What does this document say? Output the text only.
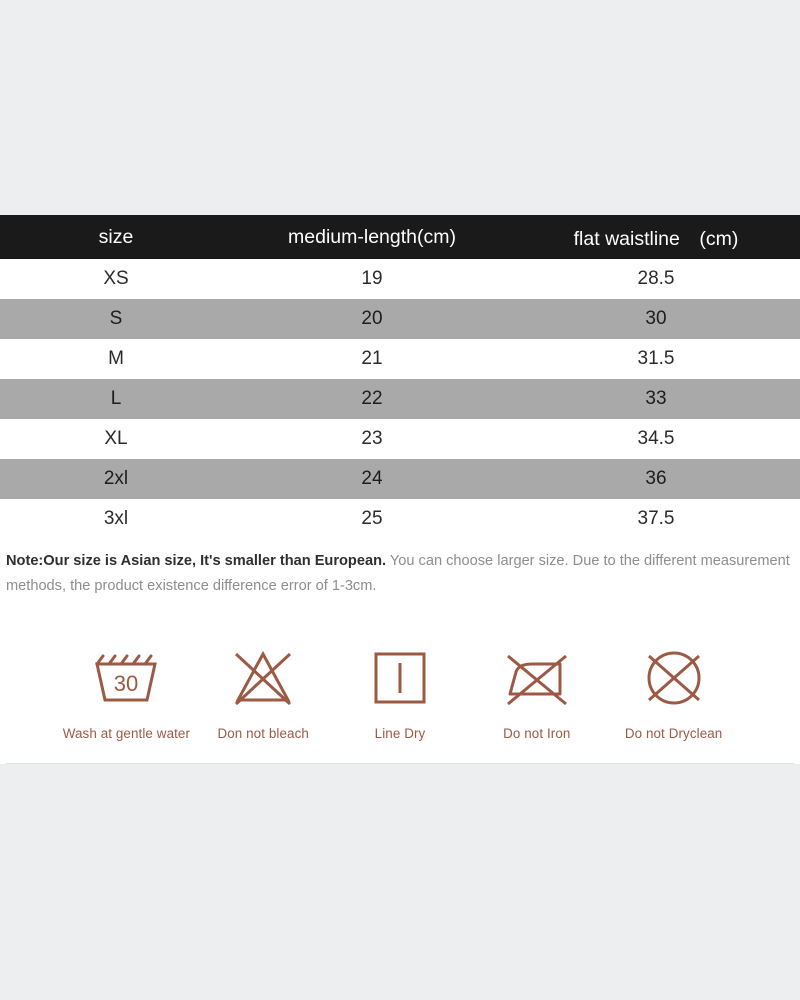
size	medium-length(cm)	flat waistline　(cm)
XS	19	28.5
S	20	30
M	21	31.5
L	22	33
XL	23	34.5
2xl	24	36
3xl	25	37.5
Note:Our size is Asian size, It's smaller than European. You can choose larger size. Due to the different measurement methods, the product existence difference error of 1-3cm.
30
Wash at gentle water	Don not bleach	Line Dry	Do not Iron	Do not Dryclean
